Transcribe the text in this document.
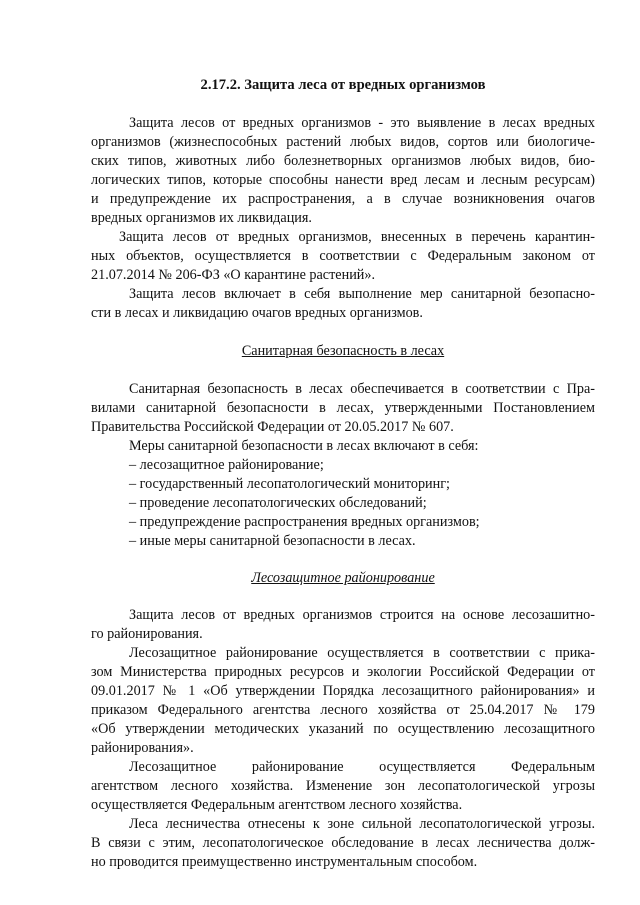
2.17.2. Защита леса от вредных организмов
Защита лесов от вредных организмов - это выявление в лесах вредных
организмов (жизнеспособных растений любых видов, сортов или биологиче-
ских типов, животных либо болезнетворных организмов любых видов, био-
логических типов, которые способны нанести вред лесам и лесным ресурсам)
и предупреждение их распространения, а в случае возникновения очагов
вредных организмов их ликвидация.
Защита лесов от вредных организмов, внесенных в перечень карантин-
ных объектов, осуществляется в соответствии с Федеральным законом от
21.07.2014 № 206-ФЗ «О карантине растений».
Защита лесов включает в себя выполнение мер санитарной безопасно-
сти в лесах и ликвидацию очагов вредных организмов.
Санитарная безопасность в лесах
Санитарная безопасность в лесах обеспечивается в соответствии с Пра-
вилами санитарной безопасности в лесах, утвержденными Постановлением
Правительства Российской Федерации от 20.05.2017 № 607.
Меры санитарной безопасности в лесах включают в себя:
– лесозащитное районирование;
– государственный лесопатологический мониторинг;
– проведение лесопатологических обследований;
– предупреждение распространения вредных организмов;
– иные меры санитарной безопасности в лесах.
Лесозащитное районирование
Защита лесов от вредных организмов строится на основе лесозашитно-
го районирования.
Лесозащитное районирование осуществляется в соответствии с прика-
зом Министерства природных ресурсов и экологии Российской Федерации от
09.01.2017 № 1 «Об утверждении Порядка лесозащитного районирования» и
приказом Федерального агентства лесного хозяйства от 25.04.2017 № 179
«Об утверждении методических указаний по осуществлению лесозащитного
районирования».
Лесозащитное районирование осуществляется Федеральным
агентством лесного хозяйства. Изменение зон лесопатологической угрозы
осуществляется Федеральным агентством лесного хозяйства.
Леса лесничества отнесены к зоне сильной лесопатологической угрозы.
В связи с этим, лесопатологическое обследование в лесах лесничества долж-
но проводится преимущественно инструментальным способом.
